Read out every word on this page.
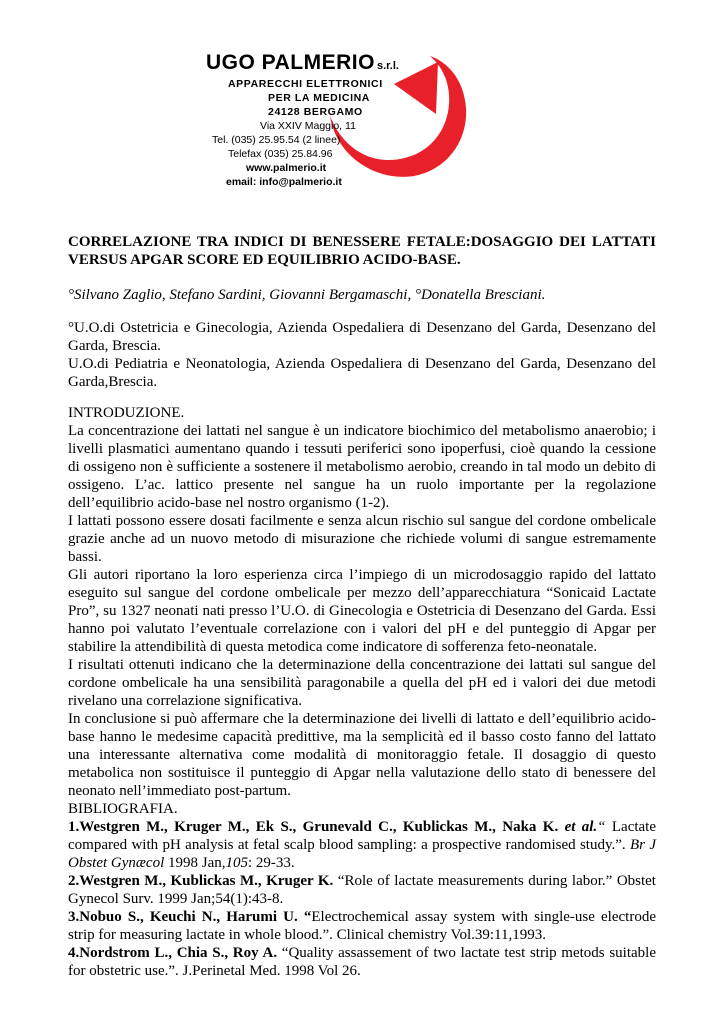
UGO PALMERIO s.r.l.
APPARECCHI ELETTRONICI
PER LA MEDICINA
24128 BERGAMO
Via XXIV Maggio, 11
Tel. (035) 25.95.54 (2 linee)
Telefax (035) 25.84.96
www.palmerio.it
email: info@palmerio.it
CORRELAZIONE TRA INDICI DI BENESSERE FETALE:DOSAGGIO DEI LATTATI
VERSUS APGAR SCORE ED EQUILIBRIO ACIDO-BASE.
°Silvano Zaglio, Stefano Sardini, Giovanni Bergamaschi, °Donatella Bresciani.

°U.O.di Ostetricia e Ginecologia, Azienda Ospedaliera di Desenzano del Garda, Desenzano del Garda, Brescia.

U.O.di Pediatria e Neonatologia, Azienda Ospedaliera di Desenzano del Garda, Desenzano del Garda,Brescia.

INTRODUZIONE.

La concentrazione dei lattati nel sangue è un indicatore biochimico del metabolismo anaerobio; i livelli plasmatici aumentano quando i tessuti periferici sono ipoperfusi, cioè quando la cessione di ossigeno non è sufficiente a sostenere il metabolismo aerobio, creando in tal modo un debito di ossigeno. L’ac. lattico presente nel sangue ha un ruolo importante per la regolazione dell’equilibrio acido-base nel nostro organismo (1-2).

I lattati possono essere dosati facilmente e senza alcun rischio sul sangue del cordone ombelicale grazie anche ad un nuovo metodo di misurazione che richiede volumi di sangue estremamente bassi.

Gli autori riportano la loro esperienza circa l’impiego di un microdosaggio rapido del lattato eseguito sul sangue del cordone ombelicale per mezzo dell’apparecchiatura “Sonicaid Lactate Pro”, su 1327 neonati nati presso l’U.O. di Ginecologia e Ostetricia di Desenzano del Garda. Essi hanno poi valutato l’eventuale correlazione con i valori del pH e del punteggio di Apgar per stabilire la attendibilità di questa metodica come indicatore di sofferenza feto-neonatale.

I risultati ottenuti indicano che la determinazione della concentrazione dei lattati sul sangue del cordone ombelicale ha una sensibilità paragonabile a quella del pH ed i valori dei due metodi rivelano una correlazione significativa.

In conclusione si può affermare che la determinazione dei livelli di lattato e dell’equilibrio acido-base hanno le medesime capacità predittive, ma la semplicità ed il basso costo fanno del lattato una interessante alternativa come modalità di monitoraggio fetale. Il dosaggio di questo metabolica non sostituisce il punteggio di Apgar nella valutazione dello stato di benessere del neonato nell’immediato post-partum.

BIBLIOGRAFIA.

1.Westgren M., Kruger M., Ek S., Grunevald C., Kublickas M., Naka K. et al.“ Lactate compared with pH analysis at fetal scalp blood sampling: a prospective randomised study.”. Br J Obstet Gynæcol 1998 Jan,105: 29-33.

2.Westgren M., Kublickas M., Kruger K. “Role of lactate measurements during labor.” Obstet Gynecol Surv. 1999 Jan;54(1):43-8.

3.Nobuo S., Keuchi N., Harumi U. “Electrochemical assay system with single-use electrode strip for measuring lactate in whole blood.”. Clinical chemistry Vol.39:11,1993.

4.Nordstrom L., Chia S., Roy A. “Quality assassement of two lactate test strip metods suitable for obstetric use.”. J.Perinetal Med. 1998 Vol 26.
